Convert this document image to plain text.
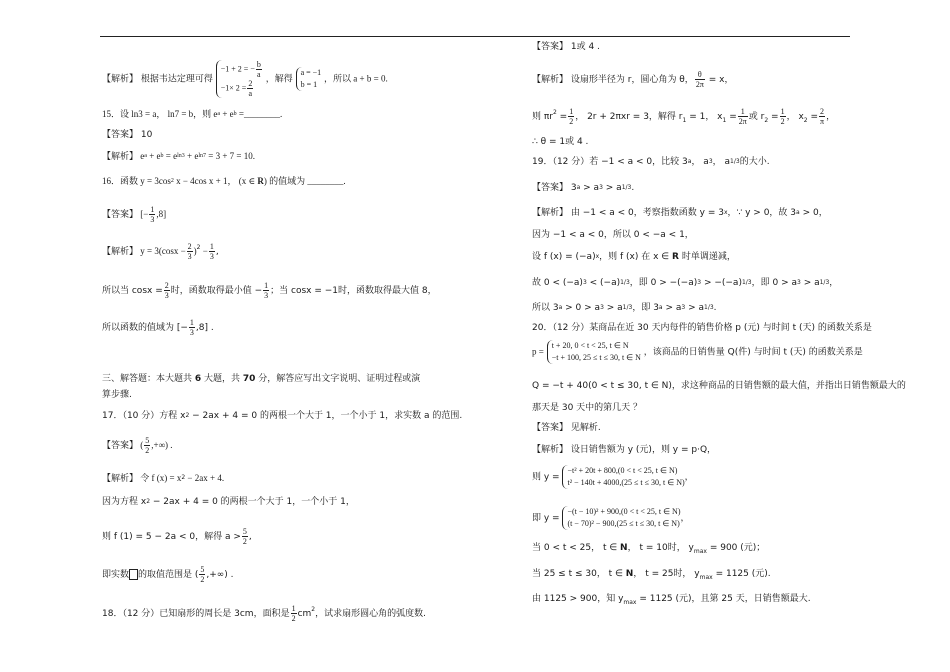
【解析】 根据韦达定理可得
−1 + 2 = − $\frac{b}{a}$
$-1\times 2 = \frac{2}{a}$ ，解得
a = −1
b = 1
，所以 a + b = 0.
15．设 ln3 = a， ln7 = b，则 $e^a + e^b$ =________.
【答案】 10
【解析】 $e^a + e^b = e^{ln3} + e^{ln7} = 3 + 7 = 10$.
16．函数 $y = 3\cos^2$ x − 4cos x + 1， (x ∈ R) 的值域为 ________.
【答案】 [− $\frac{1}{3} ,8$]
【解析】 $y = 3(\cos x - \frac{2}{3} )^2 - \frac{1}{3}$ ,
所以当 $\cos x = \frac{2}{3}$ 时，函数取得最小值 − $\frac{1}{3}$ ；当 cosx = −1时，函数取得最大值 8，
所以函数的值域为 [− $\frac{1}{3} ,8$] .
三、解答题：本大题共 6 大题，共 70 分，解答应写出文字说明、证明过程或演
算步骤.
17．（10 分）方程 $x^2 - 2ax + 4 = 0$ 的两根一个大于 1，一个小于 1，求实数 a 的范围.
【答案】 ( $\frac{5}{2}$ ,+∞) .
【解析】 令 f $(x) = x^2 - 2ax + 4$.
因为方程 $x^2 - 2ax + 4 = 0$ 的两根一个大于 1，一个小于 1，
则 f (1) = 5 − 2a < 0，解得 $a > \frac{5}{2}$ ,
即实数 的取值范围是 ( $\frac{5}{2}$ ,+∞) .
18．（12 分）已知扇形的周长是 3cm，面积是 $\frac{1}{2} cm^2$，试求扇形圆心角的弧度数.
【答案】 1或 4 .
【解析】 设扇形半径为 r，圆心角为 θ， $\frac{\theta}{2\pi} = x$，
则 $\pi r^2 = \frac{1}{2}$ ， 2r + 2πxr = 3，解得 $r_1 = 1$， $x_1 = \frac{1}{2\pi}$ 或 $r_2 = \frac{1}{2}$ ， $x_2 = \frac{2}{\pi}$ ，
∴ θ = 1或 4 .
19．（12 分）若 −1 < a < 0，比较 3$^a$， $a^3$， $a^{1/3}$的大小.
【答案】 $3^a > a^3 > a^{1/3}$.
【解析】 由 −1 < a < 0，考察指数函数 $y = 3^x$，∵ y > 0，故 $3^a > 0$，
因为 −1 < a < 0，所以 0 < −a < 1，
设 f $(x) = (-a)^x$，则 f (x) 在 x ∈ R 时单调递减，
故 $0 < (-a)^3 < (-a)^{1/3}$，即 $0 > -(-a)^3 > -(-a)^{1/3}$，即 $0 > a^3 > a^{1/3}$，
所以 $3^a > 0 > a^3 > a^{1/3}$，即 $3^a > a^3 > a^{1/3}$.
20．（12 分）某商品在近 30 天内每件的销售价格 p (元) 与时间 t (天) 的函数关系是
p =
t + 20, 0 < t < 25, t ∈ N
−t + 100, 25 ≤ t ≤ 30, t ∈ N ，该商品的日销售量 Q(件) 与时间 t (天) 的函数关系是
Q = −t + 40(0 < t ≤ 30, t ∈ N)，求这种商品的日销售额的最大值，并指出日销售额最大的
那天是 30 天中的第几天 ？
【答案】 见解析.
【解析】 设日销售额为 y (元)，则 y = p·Q，
则 y =
−t² + 20t + 800,(0 < t < 25, t ∈ N)
t² − 140t + 4000,(25 ≤ t ≤ 30, t ∈ N) ，
即 y =
−(t − 10)² + 900,(0 < t < 25, t ∈ N)
(t − 70)² − 900,(25 ≤ t ≤ 30, t ∈ N) ，
当 0 < t < 25， t ∈ N， t = 10时， $y_{max} = 900$ (元)；
当 25 ≤ t ≤ 30， t ∈ N， t = 25时， $y_{max} = 1125$ (元).
由 1125 > 900，知 $y_{max} = 1125$ (元)，且第 25 天，日销售额最大.
